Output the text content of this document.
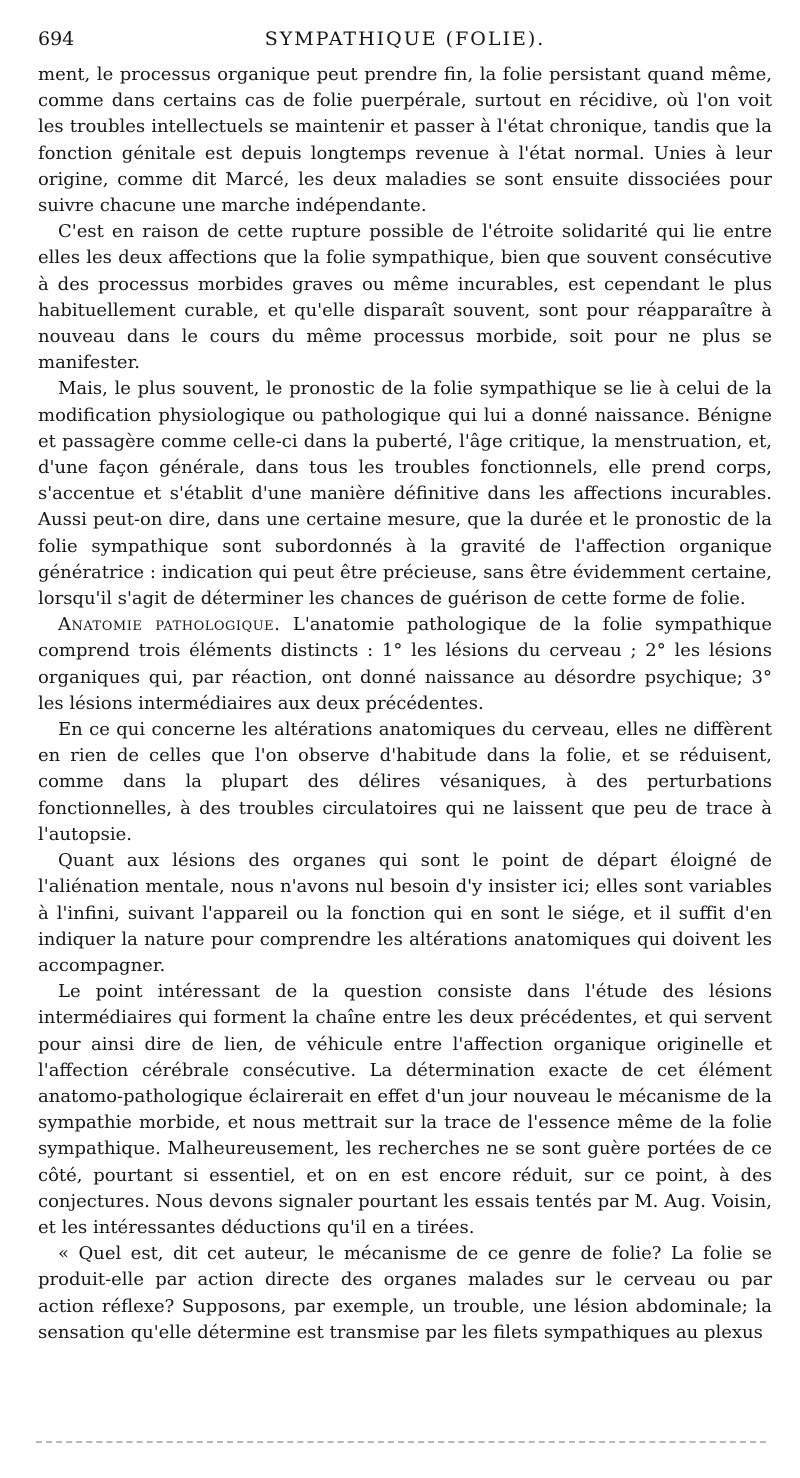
694	SYMPATHIQUE (FOLIE).

ment, le processus organique peut prendre fin, la folie persistant quand même, comme dans certains cas de folie puerpérale, surtout en récidive, où l'on voit les troubles intellectuels se maintenir et passer à l'état chronique, tandis que la fonction génitale est depuis longtemps revenue à l'état normal. Unies à leur origine, comme dit Marcé, les deux maladies se sont ensuite dissociées pour suivre chacune une marche indépendante.

C'est en raison de cette rupture possible de l'étroite solidarité qui lie entre elles les deux affections que la folie sympathique, bien que souvent consécutive à des processus morbides graves ou même incurables, est cependant le plus habituellement curable, et qu'elle disparaît souvent, sont pour réapparaître à nouveau dans le cours du même processus morbide, soit pour ne plus se manifester.

Mais, le plus souvent, le pronostic de la folie sympathique se lie à celui de la modification physiologique ou pathologique qui lui a donné naissance. Bénigne et passagère comme celle-ci dans la puberté, l'âge critique, la menstruation, et, d'une façon générale, dans tous les troubles fonctionnels, elle prend corps, s'accentue et s'établit d'une manière définitive dans les affections incurables. Aussi peut-on dire, dans une certaine mesure, que la durée et le pronostic de la folie sympathique sont subordonnés à la gravité de l'affection organique génératrice : indication qui peut être précieuse, sans être évidemment certaine, lorsqu'il s'agit de déterminer les chances de guérison de cette forme de folie.

Anatomie pathologique. L'anatomie pathologique de la folie sympathique comprend trois éléments distincts : 1° les lésions du cerveau ; 2° les lésions organiques qui, par réaction, ont donné naissance au désordre psychique; 3° les lésions intermédiaires aux deux précédentes.

En ce qui concerne les altérations anatomiques du cerveau, elles ne diffèrent en rien de celles que l'on observe d'habitude dans la folie, et se réduisent, comme dans la plupart des délires vésaniques, à des perturbations fonctionnelles, à des troubles circulatoires qui ne laissent que peu de trace à l'autopsie.

Quant aux lésions des organes qui sont le point de départ éloigné de l'aliénation mentale, nous n'avons nul besoin d'y insister ici; elles sont variables à l'infini, suivant l'appareil ou la fonction qui en sont le siége, et il suffit d'en indiquer la nature pour comprendre les altérations anatomiques qui doivent les accompagner.

Le point intéressant de la question consiste dans l'étude des lésions intermédiaires qui forment la chaîne entre les deux précédentes, et qui servent pour ainsi dire de lien, de véhicule entre l'affection organique originelle et l'affection cérébrale consécutive. La détermination exacte de cet élément anatomo-pathologique éclairerait en effet d'un jour nouveau le mécanisme de la sympathie morbide, et nous mettrait sur la trace de l'essence même de la folie sympathique. Malheureusement, les recherches ne se sont guère portées de ce côté, pourtant si essentiel, et on en est encore réduit, sur ce point, à des conjectures. Nous devons signaler pourtant les essais tentés par M. Aug. Voisin, et les intéressantes déductions qu'il en a tirées.

« Quel est, dit cet auteur, le mécanisme de ce genre de folie? La folie se produit-elle par action directe des organes malades sur le cerveau ou par action réflexe? Supposons, par exemple, un trouble, une lésion abdominale; la sensation qu'elle détermine est transmise par les filets sympathiques au plexus
